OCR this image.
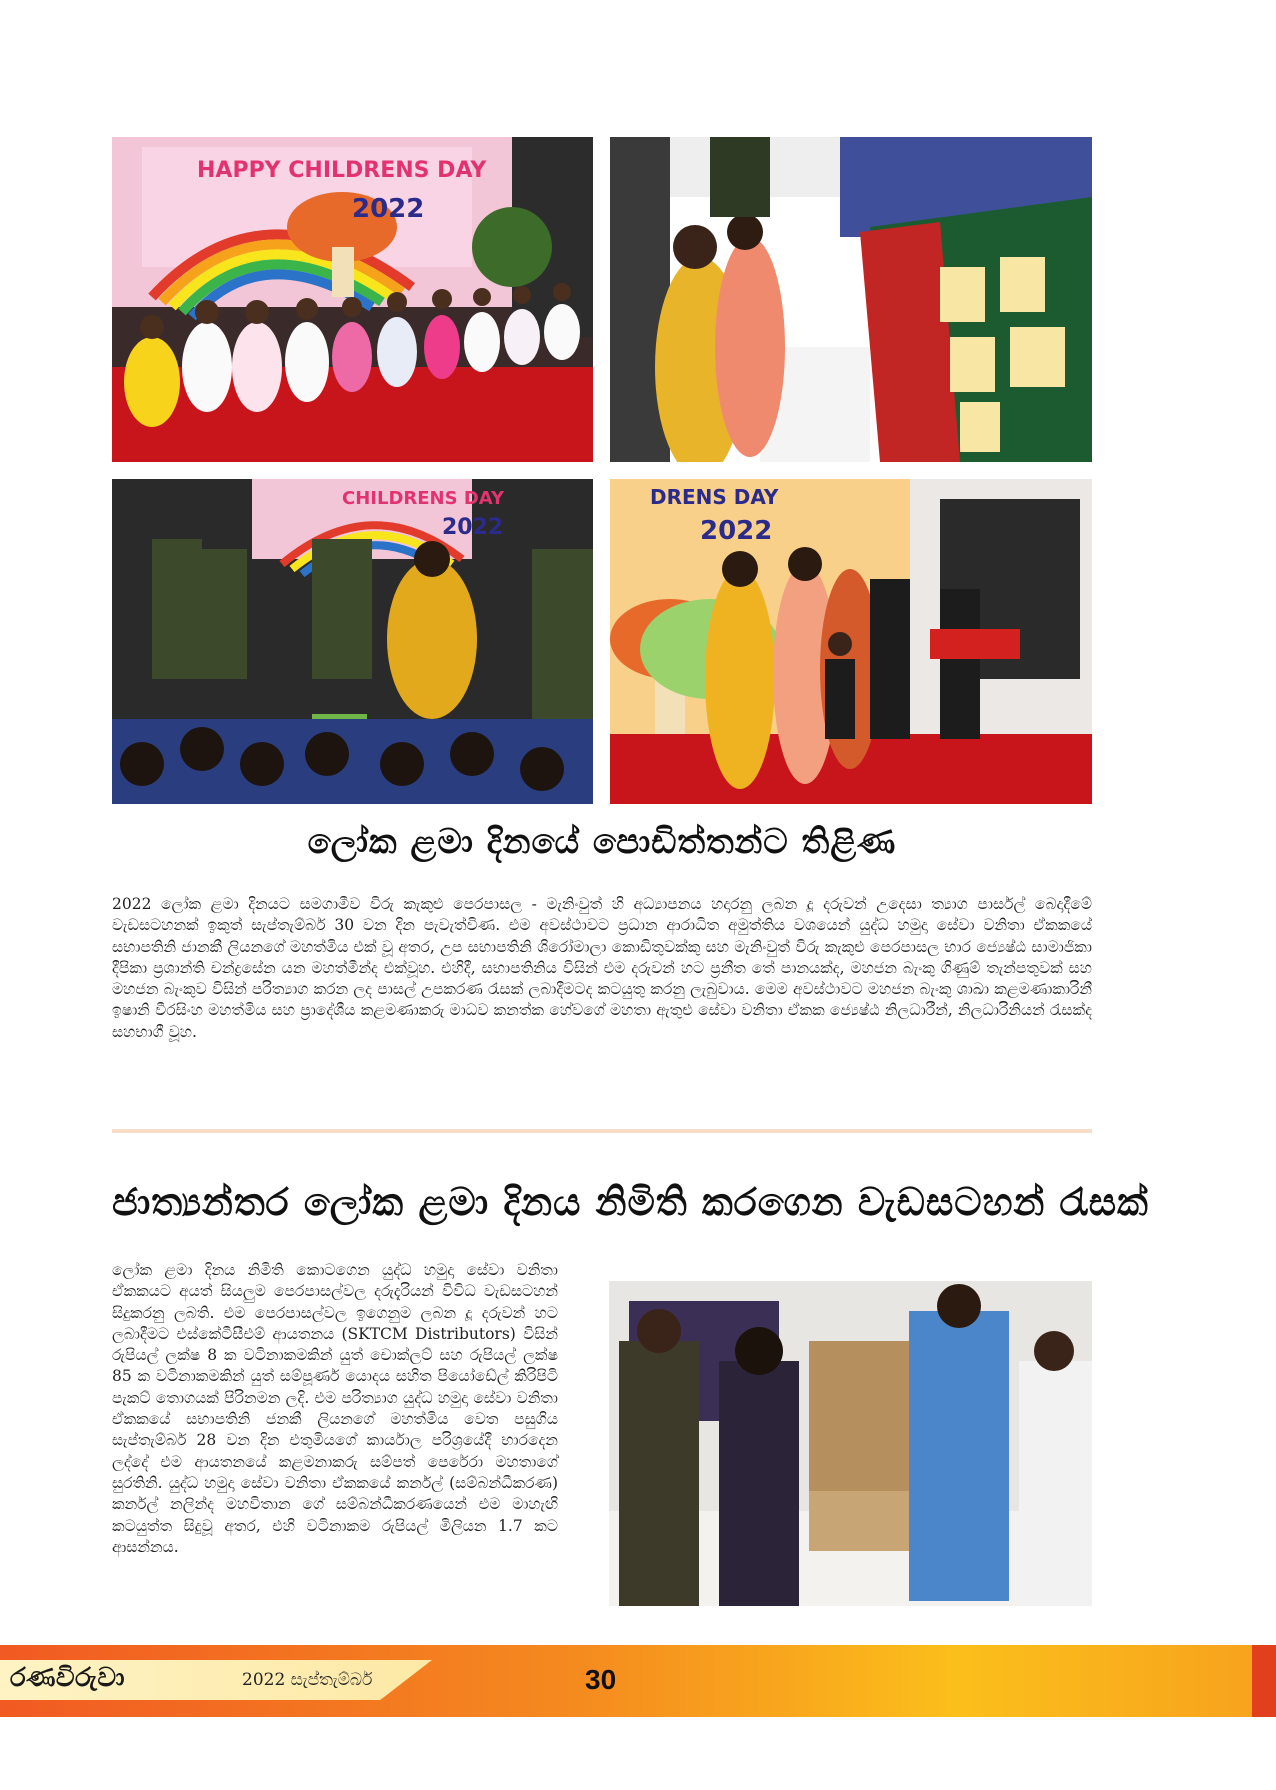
HAPPY CHILDRENS DAY
2022
CHILDRENS DAY
2022
DRENS DAY
2022
ලෝක ළමා දිනයේ පොඩිත්තන්ට තිළිණ
2022 ලෝක ළමා දිනයට සමගාමීව විරු කැකුළු පෙරපාසල - මැනිංවුත් හි අධ්‍යාපනය හදාරනු ලබන දූ දරුවන් උදෙසා ත්‍යාග පාර්සල් බෙදාදීමේ වැඩසටහනක් ඉකුත් සැප්තැම්බර් 30 වන දින පැවැත්විණ. එම අවස්ථාවට ප්‍රධාන ආරාධිත අමුත්තිය වශයෙන් යුද්ධ හමුදා සේවා වනිතා ඒකකයේ සභාපතිනි ජානකී ලියනගේ මහත්මිය එක් වූ අතර, උප සභාපතිනි ශිරෝමාලා කොඩිතුවක්කු සහ මැනිංවුත් විරු කැකුළු පෙරපාසල භාර ජ්‍යෙෂ්ඨ සාමාජිකා දීපිකා ප්‍රශාන්ති චන්ද්‍රසේන යන මහත්මීන්ද එක්වූහ. එහිදී, සභාපතිනිය විසින් එම දරුවන් හට ප්‍රනීත තේ පානයක්ද, මහජන බැංකු ගිණුම් තැන්පතුවක් සහ මහජන බැංකුව විසින් පරිත්‍යාග කරන ලද පාසල් උපකරණ රැසක් ලබාදීමටද කටයුතු කරනු ලැබුවාය. මෙම අවස්ථාවට මහජන බැංකු ශාඛා කළමණාකාරිනී ඉෂානි වීරසිංහ මහත්මිය සහ ප්‍රාදේශීය කළමණාකරු මාධව කනත්ක හේවගේ මහතා ඇතුළු සේවා වනිතා ඒකක ජ්‍යෙෂ්ඨ නිලධාරීන්, නිලධාරිනියන් රැසක්ද සහභාගී වූහ.
ජාත්‍යන්තර ලෝක ළමා දිනය නිමිති කරගෙන වැඩසටහන් රැසක්
ලෝක ළමා දිනය නිමිති කොටගෙන යුද්ධ හමුදා සේවා වනිතා ඒකකයට අයත් සියලුම පෙරපාසල්වල දරුදැරියන් විවිධ වැඩසටහන් සිදුකරනු ලබති. එම පෙරපාසල්වල ඉගෙනුම ලබන දූ දරුවන් හට ලබාදීමට එස්කේටීසීඑම් ආයතනය (SKTCM Distributors) විසින් රුපියල් ලක්ෂ 8 ක වටිනාකමකින් යුත් චොක්ලට් සහ රුපියල් ලක්ෂ 85 ක වටිනාකමකින් යුත් සම්පූර්ණ යොදය සහිත පියෝඩේල් කිරිපිටි පැකට් තොගයක් පිරිනමන ලදි. එම පරිත්‍යාග යුද්ධ හමුදා සේවා වනිතා ඒකකයේ සභාපතිනි ජනකී ලියනගේ මහත්මිය වෙත පසුගිය සැප්තැම්බර් 28 වන දින එතුමියගේ කාර්යාල පරිශ්‍රයේදී භාරදෙන ලද්දේ එම ආයතනයේ කළමනාකරු සම්පත් පෙරේරා මහතාගේ සුරතිනි. යුද්ධ හමුදා සේවා වනිතා ඒකකයේ කර්නල් (සම්බන්ධීකරණ) කර්නල් නලින්ද මහවිතාන ගේ සම්බන්ධීකරණයෙන් එම මාහැඟි කටයුත්ත සිදුවූ අතර, එහි වටිනාකම රුපියල් මිලියන 1.7 කට ආසන්නය.
රණවිරුවා	2022 සැප්තැම්බර්	30
